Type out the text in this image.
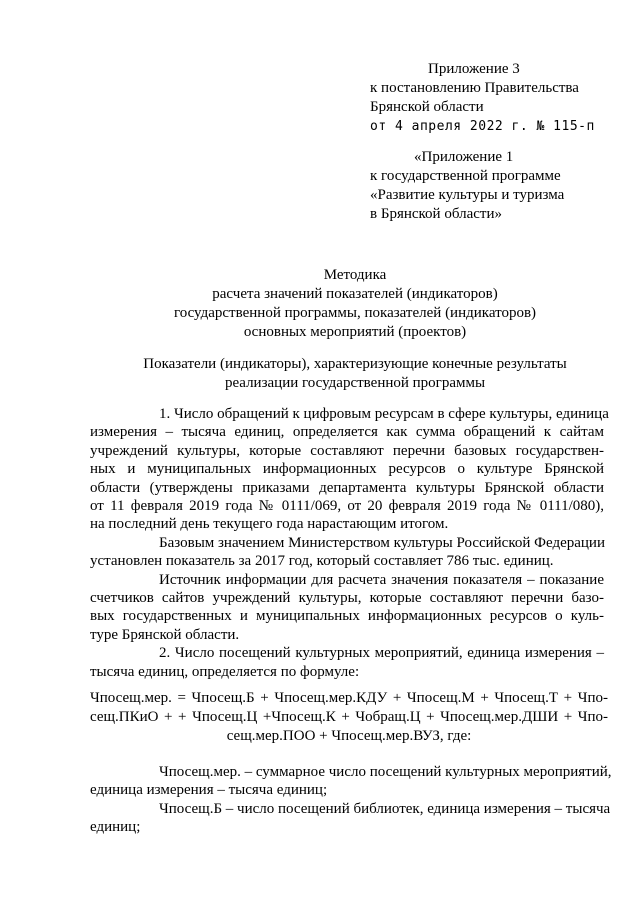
Приложение 3
к постановлению Правительства
Брянской области
от 4 апреля 2022 г. № 115-п
«Приложение 1
к государственной программе
«Развитие культуры и туризма
в Брянской области»
Методика
расчета значений показателей (индикаторов)
государственной программы, показателей (индикаторов)
основных мероприятий (проектов)
Показатели (индикаторы), характеризующие конечные результаты
реализации государственной программы
1. Число обращений к цифровым ресурсам в сфере культуры, единица
измерения – тысяча единиц, определяется как сумма обращений к сайтам
учреждений культуры, которые составляют перечни базовых государствен-
ных и муниципальных информационных ресурсов о культуре Брянской
области (утверждены приказами департамента культуры Брянской области
от 11 февраля 2019 года № 0111/069, от 20 февраля 2019 года № 0111/080),
на последний день текущего года нарастающим итогом.
Базовым значением Министерством культуры Российской Федерации
установлен показатель за 2017 год, который составляет 786 тыс. единиц.
Источник информации для расчета значения показателя – показание
счетчиков сайтов учреждений культуры, которые составляют перечни базо-
вых государственных и муниципальных информационных ресурсов о куль-
туре Брянской области.
2. Число посещений культурных мероприятий, единица измерения –
тысяча единиц, определяется по формуле:
Чпосещ.мер. = Чпосещ.Б + Чпосещ.мер.КДУ + Чпосещ.М + Чпосещ.Т + Чпо-
сещ.ПКиО + + Чпосещ.Ц +Чпосещ.К + Чобращ.Ц + Чпосещ.мер.ДШИ + Чпо-
сещ.мер.ПОО + Чпосещ.мер.ВУЗ, где:
Чпосещ.мер. – суммарное число посещений культурных мероприятий,
единица измерения – тысяча единиц;
Чпосещ.Б – число посещений библиотек, единица измерения – тысяча
единиц;
